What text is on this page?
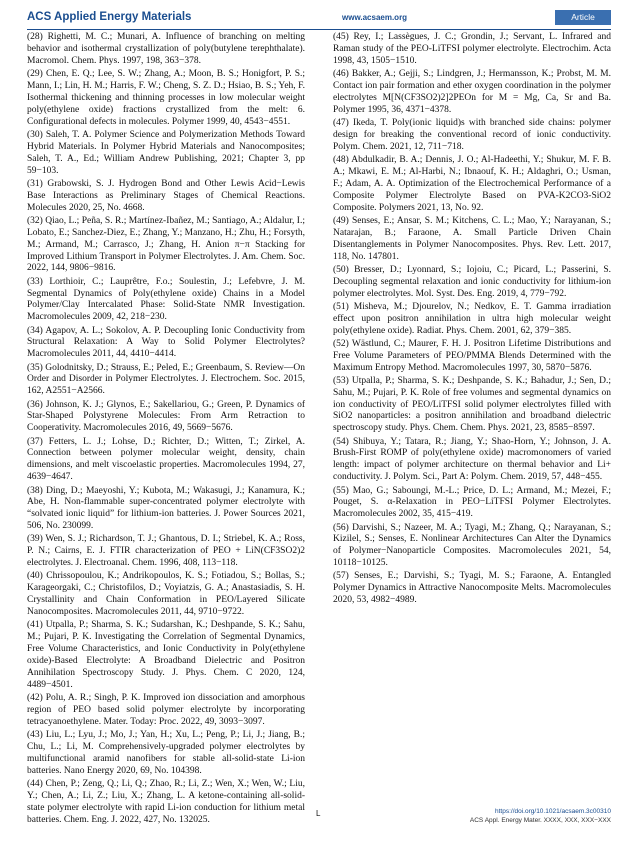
ACS Applied Energy Materials	www.acsaem.org	Article

(28) Righetti, M. C.; Munari, A. Influence of branching on melting behavior and isothermal crystallization of poly(butylene terephthalate). Macromol. Chem. Phys. 1997, 198, 363−378.

(29) Chen, E. Q.; Lee, S. W.; Zhang, A.; Moon, B. S.; Honigfort, P. S.; Mann, I.; Lin, H. M.; Harris, F. W.; Cheng, S. Z. D.; Hsiao, B. S.; Yeh, F. Isothermal thickening and thinning processes in low molecular weight poly(ethylene oxide) fractions crystallized from the melt: 6. Configurational defects in molecules. Polymer 1999, 40, 4543−4551.

(30) Saleh, T. A. Polymer Science and Polymerization Methods Toward Hybrid Materials. In Polymer Hybrid Materials and Nanocomposites; Saleh, T. A., Ed.; William Andrew Publishing, 2021; Chapter 3, pp 59−103.

(31) Grabowski, S. J. Hydrogen Bond and Other Lewis Acid−Lewis Base Interactions as Preliminary Stages of Chemical Reactions. Molecules 2020, 25, No. 4668.

(32) Qiao, L.; Peña, S. R.; Martínez-Ibañez, M.; Santiago, A.; Aldalur, I.; Lobato, E.; Sanchez-Diez, E.; Zhang, Y.; Manzano, H.; Zhu, H.; Forsyth, M.; Armand, M.; Carrasco, J.; Zhang, H. Anion π−π Stacking for Improved Lithium Transport in Polymer Electrolytes. J. Am. Chem. Soc. 2022, 144, 9806−9816.

(33) Lorthioir, C.; Lauprêtre, F.o.; Soulestin, J.; Lefebvre, J. M. Segmental Dynamics of Poly(ethylene oxide) Chains in a Model Polymer/Clay Intercalated Phase: Solid-State NMR Investigation. Macromolecules 2009, 42, 218−230.

(34) Agapov, A. L.; Sokolov, A. P. Decoupling Ionic Conductivity from Structural Relaxation: A Way to Solid Polymer Electrolytes? Macromolecules 2011, 44, 4410−4414.

(35) Golodnitsky, D.; Strauss, E.; Peled, E.; Greenbaum, S. Review—On Order and Disorder in Polymer Electrolytes. J. Electrochem. Soc. 2015, 162, A2551−A2566.

(36) Johnson, K. J.; Glynos, E.; Sakellariou, G.; Green, P. Dynamics of Star-Shaped Polystyrene Molecules: From Arm Retraction to Cooperativity. Macromolecules 2016, 49, 5669−5676.

(37) Fetters, L. J.; Lohse, D.; Richter, D.; Witten, T.; Zirkel, A. Connection between polymer molecular weight, density, chain dimensions, and melt viscoelastic properties. Macromolecules 1994, 27, 4639−4647.

(38) Ding, D.; Maeyoshi, Y.; Kubota, M.; Wakasugi, J.; Kanamura, K.; Abe, H. Non-flammable super-concentrated polymer electrolyte with “solvated ionic liquid” for lithium-ion batteries. J. Power Sources 2021, 506, No. 230099.

(39) Wen, S. J.; Richardson, T. J.; Ghantous, D. I.; Striebel, K. A.; Ross, P. N.; Cairns, E. J. FTIR characterization of PEO + LiN(CF3SO2)2 electrolytes. J. Electroanal. Chem. 1996, 408, 113−118.

(40) Chrissopoulou, K.; Andrikopoulos, K. S.; Fotiadou, S.; Bollas, S.; Karageorgaki, C.; Christofilos, D.; Voyiatzis, G. A.; Anastasiadis, S. H. Crystallinity and Chain Conformation in PEO/Layered Silicate Nanocomposites. Macromolecules 2011, 44, 9710−9722.

(41) Utpalla, P.; Sharma, S. K.; Sudarshan, K.; Deshpande, S. K.; Sahu, M.; Pujari, P. K. Investigating the Correlation of Segmental Dynamics, Free Volume Characteristics, and Ionic Conductivity in Poly(ethylene oxide)-Based Electrolyte: A Broadband Dielectric and Positron Annihilation Spectroscopy Study. J. Phys. Chem. C 2020, 124, 4489−4501.

(42) Polu, A. R.; Singh, P. K. Improved ion dissociation and amorphous region of PEO based solid polymer electrolyte by incorporating tetracyanoethylene. Mater. Today: Proc. 2022, 49, 3093−3097.

(43) Liu, L.; Lyu, J.; Mo, J.; Yan, H.; Xu, L.; Peng, P.; Li, J.; Jiang, B.; Chu, L.; Li, M. Comprehensively-upgraded polymer electrolytes by multifunctional aramid nanofibers for stable all-solid-state Li-ion batteries. Nano Energy 2020, 69, No. 104398.

(44) Chen, P.; Zeng, Q.; Li, Q.; Zhao, R.; Li, Z.; Wen, X.; Wen, W.; Liu, Y.; Chen, A.; Li, Z.; Liu, X.; Zhang, L. A ketone-containing all-solid-state polymer electrolyte with rapid Li-ion conduction for lithium metal batteries. Chem. Eng. J. 2022, 427, No. 132025.

(45) Rey, I.; Lassègues, J. C.; Grondin, J.; Servant, L. Infrared and Raman study of the PEO-LiTFSI polymer electrolyte. Electrochim. Acta 1998, 43, 1505−1510.

(46) Bakker, A.; Gejji, S.; Lindgren, J.; Hermansson, K.; Probst, M. M. Contact ion pair formation and ether oxygen coordination in the polymer electrolytes M[N(CF3SO2)2]2PEOn for M = Mg, Ca, Sr and Ba. Polymer 1995, 36, 4371−4378.

(47) Ikeda, T. Poly(ionic liquid)s with branched side chains: polymer design for breaking the conventional record of ionic conductivity. Polym. Chem. 2021, 12, 711−718.

(48) Abdulkadir, B. A.; Dennis, J. O.; Al-Hadeethi, Y.; Shukur, M. F. B. A.; Mkawi, E. M.; Al-Harbi, N.; Ibnaouf, K. H.; Aldaghri, O.; Usman, F.; Adam, A. A. Optimization of the Electrochemical Performance of a Composite Polymer Electrolyte Based on PVA-K2CO3-SiO2 Composite. Polymers 2021, 13, No. 92.

(49) Senses, E.; Ansar, S. M.; Kitchens, C. L.; Mao, Y.; Narayanan, S.; Natarajan, B.; Faraone, A. Small Particle Driven Chain Disentanglements in Polymer Nanocomposites. Phys. Rev. Lett. 2017, 118, No. 147801.

(50) Bresser, D.; Lyonnard, S.; Iojoiu, C.; Picard, L.; Passerini, S. Decoupling segmental relaxation and ionic conductivity for lithium-ion polymer electrolytes. Mol. Syst. Des. Eng. 2019, 4, 779−792.

(51) Misheva, M.; Djourelov, N.; Nedkov, E. T. Gamma irradiation effect upon positron annihilation in ultra high molecular weight poly(ethylene oxide). Radiat. Phys. Chem. 2001, 62, 379−385.

(52) Wästlund, C.; Maurer, F. H. J. Positron Lifetime Distributions and Free Volume Parameters of PEO/PMMA Blends Determined with the Maximum Entropy Method. Macromolecules 1997, 30, 5870−5876.

(53) Utpalla, P.; Sharma, S. K.; Deshpande, S. K.; Bahadur, J.; Sen, D.; Sahu, M.; Pujari, P. K. Role of free volumes and segmental dynamics on ion conductivity of PEO/LiTFSI solid polymer electrolytes filled with SiO2 nanoparticles: a positron annihilation and broadband dielectric spectroscopy study. Phys. Chem. Chem. Phys. 2021, 23, 8585−8597.

(54) Shibuya, Y.; Tatara, R.; Jiang, Y.; Shao-Horn, Y.; Johnson, J. A. Brush-First ROMP of poly(ethylene oxide) macromonomers of varied length: impact of polymer architecture on thermal behavior and Li+ conductivity. J. Polym. Sci., Part A: Polym. Chem. 2019, 57, 448−455.

(55) Mao, G.; Saboungi, M.-L.; Price, D. L.; Armand, M.; Mezei, F.; Pouget, S. α-Relaxation in PEO−LiTFSI Polymer Electrolytes. Macromolecules 2002, 35, 415−419.

(56) Darvishi, S.; Nazeer, M. A.; Tyagi, M.; Zhang, Q.; Narayanan, S.; Kizilel, S.; Senses, E. Nonlinear Architectures Can Alter the Dynamics of Polymer−Nanoparticle Composites. Macromolecules 2021, 54, 10118−10125.

(57) Senses, E.; Darvishi, S.; Tyagi, M. S.; Faraone, A. Entangled Polymer Dynamics in Attractive Nanocomposite Melts. Macromolecules 2020, 53, 4982−4989.

L	https://doi.org/10.1021/acsaem.3c00310
ACS Appl. Energy Mater. XXXX, XXX, XXX−XXX
